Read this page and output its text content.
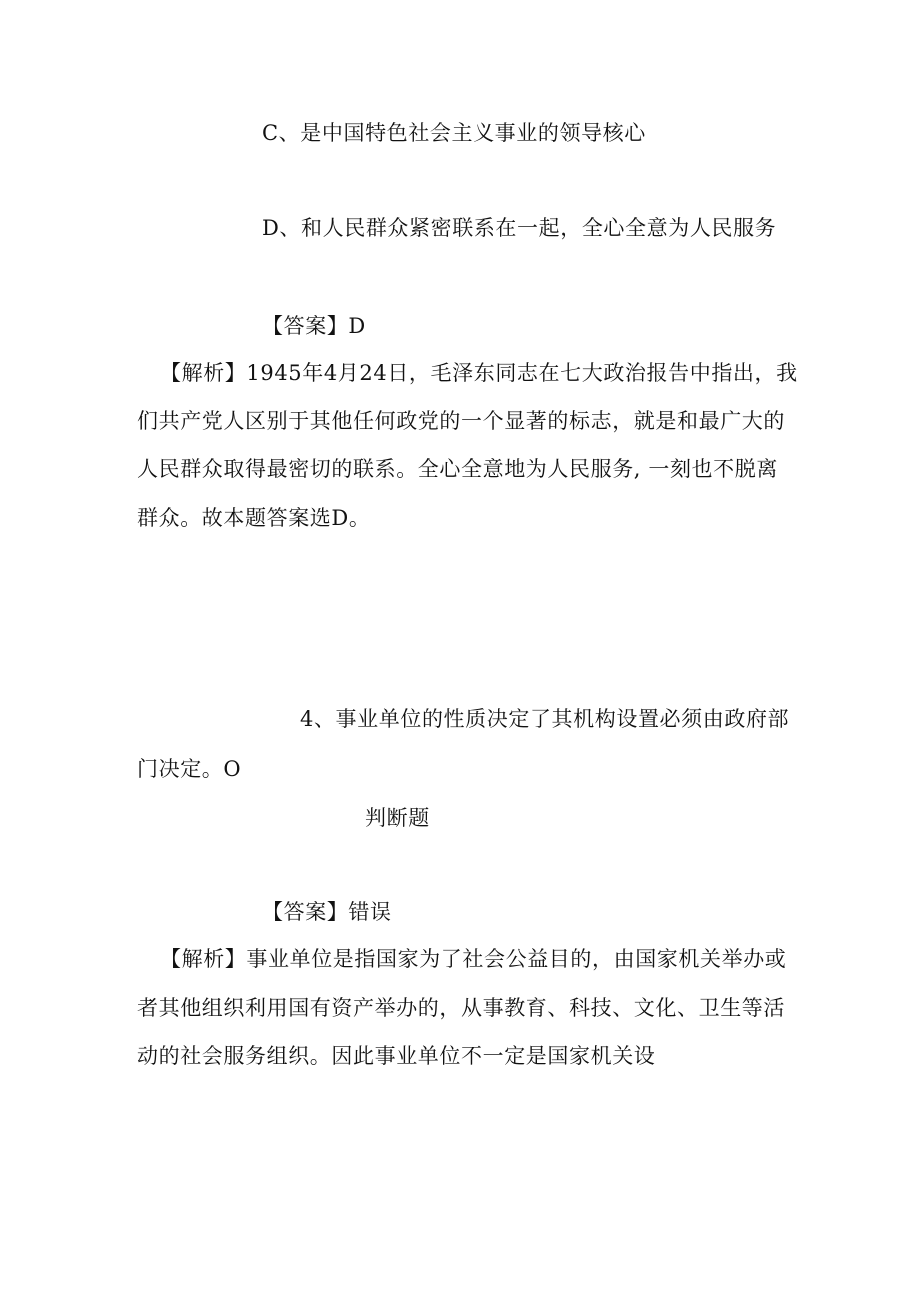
C、是中国特色社会主义事业的领导核心
D、和人民群众紧密联系在一起，全心全意为人民服务
【答案】D
【解析】1945年4月24日，毛泽东同志在七大政治报告中指出，我
们共产党人区别于其他任何政党的一个显著的标志，就是和最广大的
人民群众取得最密切的联系。全心全意地为人民服务, 一刻也不脱离
群众。故本题答案选D。
4、事业单位的性质决定了其机构设置必须由政府部
门决定。O
判断题
【答案】错误
【解析】事业单位是指国家为了社会公益目的，由国家机关举办或
者其他组织利用国有资产举办的，从事教育、科技、文化、卫生等活
动的社会服务组织。因此事业单位不一定是国家机关设
